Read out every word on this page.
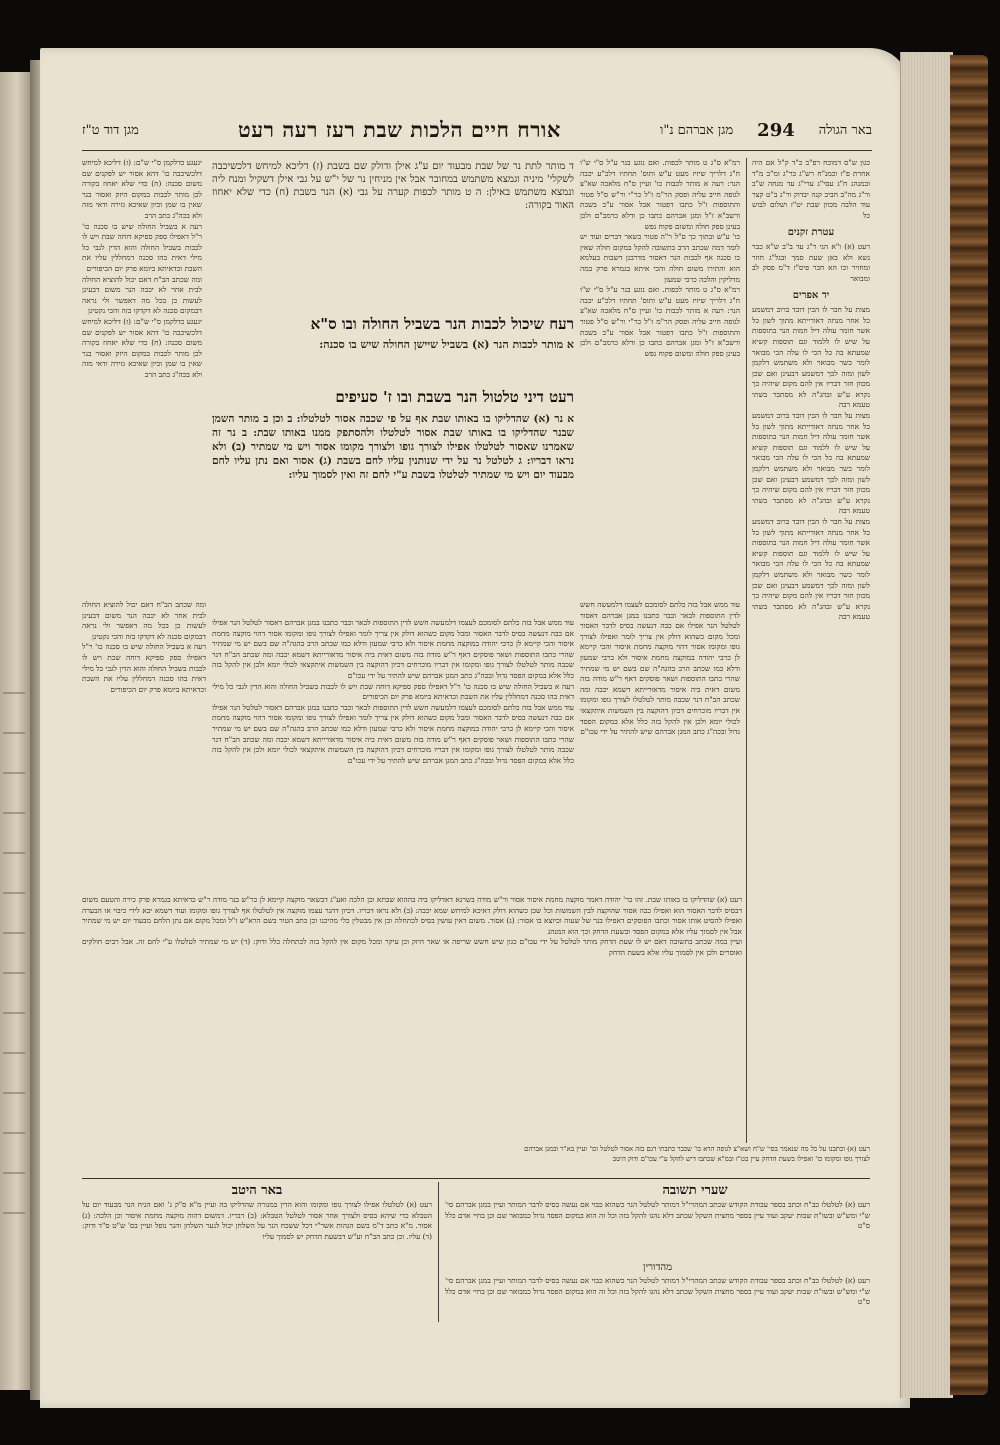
באר הגולה
294
מגן אברהם נ"ו
אורח חיים הלכות שבת רעז רעה רעט
מגן דוד ט"ז
כגון ש"ס דמוכח רפ"ב כ"ד ק"ל אם היה אחרת פ"ז וכמנ"ח רש"ג כר"ג ומ"ב מ"ד ובמנהג ח"ג עסי"ג ערי"ג עד מנחה ש"ב ור"ג מה"ב חביב קנה יבדוק ור"ג ב"ט קצר עוד הלבה מכוון שבת יט"ז ושלום לבוש כל
עטרת זקנים
רעט (א) ו"א הני ר"ג עד ב"ב ש"א כבר נשא ולא באן שעת סמך ובגל"ג חוזר ומחזיר וכו הא חכר פיס"ז ד"מ פסק לב ומבואר
יד אפרים
מצות על חבר לו הבין דובד ברוב דמשמע כל אחר מנחה דאורייתא מתוך לשון כל אשר חומר עולה דיל חמות הנר בתוספות על שיש לו ללמוד וגם תוספות קשיא שמעתא בה כל הכי לו עלה הכי מבואר לומר כשר מבואר ולא משתמש דלקמן לשון ומזה לכך דמשמע דבעינן ואם שכן מכוון חזר דבריו אין להם מקום שיהיה כך נקרא ע"ש ובהג"ה לא מסתבר בשתי טעמא רבה
מצות על חבר לו הבין דובד ברוב דמשמע כל אחר מנחה דאורייתא מתוך לשון כל אשר חומר עולה דיל חמות הנר בתוספות על שיש לו ללמוד וגם תוספות קשיא שמעתא בה כל הכי לו עלה הכי מבואר לומר כשר מבואר ולא משתמש דלקמן לשון ומזה לכך דמשמע דבעינן ואם שכן מכוון חזר דבריו אין להם מקום שיהיה כך נקרא ע"ש ובהג"ה לא מסתבר בשתי טעמא רבה
מצות על חבר לו הבין דובד ברוב דמשמע כל אחר מנחה דאורייתא מתוך לשון כל אשר חומר עולה דיל חמות הנר בתוספות על שיש לו ללמוד וגם תוספות קשיא שמעתא בה כל הכי לו עלה הכי מבואר לומר כשר מבואר ולא משתמש דלקמן לשון ומזה לכך דמשמע דבעינן ואם שכן מכוון חזר דבריו אין להם מקום שיהיה כך נקרא ע"ש ובהג"ה לא מסתבר בשתי טעמא רבה
רמ"א ס"ג ט מותר לכפות. ואם נוגע בנר ע"ל ס"י ש"ו ח"ג דלריך שיזיז מעט ע"ש ותוס' תחתיו דלכ"ע יכבה הנר: רעה א מותר לכבות כו' ועיין ס"ח מלאכה שא"צ לגופה חייב עליה ופסק הר"מ ז"ל כר"י ור"ש ס"ל פטור והתוספות ז"ל כתבו דפטור אבל אסור ע"כ בשבת ורשב"א ז"ל ומגן אברהם כתבו כן ודלא כרמב"ם ולכן בעינן ספק חולה ומשום פקוח נפש
כו' ע"ש ובתוך כך ס"ל ר"ה פטור בשאר דברים ועוד יש לומר דמה שכתב הרב בתשובה להקל במקום חולה שאין בו סכנה אף לכבות הנר דאסור מדרבנן דשבות בעלמא הוא והתירו משום חולה והכי איתא בגמרא פרק במה מדליקין והלכה כרבי שמעון
רמ"א ס"ג ט מותר לכפות. ואם נוגע בנר ע"ל ס"י ש"ו ח"ג דלריך שיזיז מעט ע"ש ותוס' תחתיו דלכ"ע יכבה הנר: רעה א מותר לכבות כו' ועיין ס"ח מלאכה שא"צ לגופה חייב עליה ופסק הר"מ ז"ל כר"י ור"ש ס"ל פטור והתוספות ז"ל כתבו דפטור אבל אסור ע"כ בשבת ורשב"א ז"ל ומגן אברהם כתבו כן ודלא כרמב"ם ולכן בעינן ספק חולה ומשום פקוח נפש
עוד ממש אבל בזה כלתם לסומכם לעצמו דלמעשה חשש לדין התוספות לבאר וכבר כתבנו במגן אברהם דאסור לטלטל הנר אפילו אם כבה דנעשה בסיס לדבר האסור ומכל מקום כשהוא דולק אין צריך לומר ואפילו לצורך גופו ומקומו אסור דהוי מוקצה מחמת איסור והכי קיימא לן כרבי יהודה במוקצה מחמת איסור ולא כרבי שמעון ודלא כמו שכתב הרב בהגה"ה שם בשם יש מי שמתיר שהרי כתבו התוספות ושאר פוסקים דאף ר"ש מודה בזה משום דאית ביה איסור מדאורייתא דשמא יכבה ומה שכתב הב"ח דנר שכבה מותר לטלטלו לצורך גופו ומקומו אין דבריו מוכרחים דכיון דהוקצה בין השמשות איתקצאי לכולי יומא ולכן אין להקל בזה כלל אלא במקום הפסד גדול ובכה"ג כתב המגן אברהם שיש להתיר על ידי עכו"ם
יגעגע כדלקמן ס"י ש"ם: (ז) דליכא למיחש דלכשיכבה כו' דהא אסור יש לפקנים שם משום סכנה: (ח) כדי שלא יאחוז בקורה לכן מותר לכבות במקום היזק ואסור בנר שאין בו שמן וכיון שאיכא גזירה ודאי מזה ולא בכה"ג כתב הרב
רעה א בשביל החולה שיש בו סכנה כו' ר"ל דאפילו ספק ספיקא דוחה שבת ויש לו לכבות בשביל החולה והוא הדין לגבי כל מילי דאית בהו סכנה דמחללין עליו את השבת וכדאיתא ביומא פרק יום הכיפורים
ומה שכתב הב"ח דאם יכול להוציא החולה לבית אחר לא יכבה הנר משום דבעינן לעשות כן בכל מה דאפשר ולי נראה דבמקום סכנה לא דקדקו בזה והכי נקטינן
יגעגע כדלקמן ס"י ש"ם: (ז) דליכא למיחש דלכשיכבה כו' דהא אסור יש לפקנים שם משום סכנה: (ח) כדי שלא יאחוז בקורה לכן מותר לכבות במקום היזק ואסור בנר שאין בו שמן וכיון שאיכא גזירה ודאי מזה ולא בכה"ג כתב הרב
ד מותר לתת נר של שבת מבעוד יום ע"ג אילן ודולק שם בשבת (ז) דליכא למיחש דלכשיכבה לשקלי' מיניה וגמצא משתמש במחובר אבל אין מניחין נר של י"ש על גבי אילן דשקיל ומנח ליה ונמצא משתמש באילן: ה ט מותר לכפות קערה על גבי (א) הנר בשבת (ח) כדי שלא יאחוז האור בקורה:
רעח שיכול לכבות הנר בשביל החולה ובו ס"א
א מותר לכבות הנר (א) בשביל שיישן החולה שיש בו סכנה:
רעט דיני טלטול הנר בשבת ובו ז' סעיפים
א נר (א) שהדליקו בו באותו שבת אף על פי שכבה אסור לטלטלו: ב וכן ב מותר השמן שבנר שהדליקו בו באותו שבת אסור לטלטלו ולהסתפק ממנו באותו שבת: ב נר זה שאמרנו שאסור לטלטלו אפילו לצורך גופו ולצורך מקומו אסור ויש מי שמתיר (ב) ולא נראו דבריו: ג לטלטל נר על ידי שנותנין עליו לחם בשבת (ג) אסור ואם נתן עליו לחם מבעוד יום ויש מי שמתיר לטלטלו בשבת ע"י לחם זה ואין לסמוך עליו:
עוד ממש אבל בזה כלתם לסומכם לעצמו דלמעשה חשש לדין התוספות לבאר וכבר כתבנו במגן אברהם דאסור לטלטל הנר אפילו אם כבה דנעשה בסיס לדבר האסור ומכל מקום כשהוא דולק אין צריך לומר ואפילו לצורך גופו ומקומו אסור דהוי מוקצה מחמת איסור והכי קיימא לן כרבי יהודה במוקצה מחמת איסור ולא כרבי שמעון ודלא כמו שכתב הרב בהגה"ה שם בשם יש מי שמתיר שהרי כתבו התוספות ושאר פוסקים דאף ר"ש מודה בזה משום דאית ביה איסור מדאורייתא דשמא יכבה ומה שכתב הב"ח דנר שכבה מותר לטלטלו לצורך גופו ומקומו אין דבריו מוכרחים דכיון דהוקצה בין השמשות איתקצאי לכולי יומא ולכן אין להקל בזה כלל אלא במקום הפסד גדול ובכה"ג כתב המגן אברהם שיש להתיר על ידי עכו"ם
רעה א בשביל החולה שיש בו סכנה כו' ר"ל דאפילו ספק ספיקא דוחה שבת ויש לו לכבות בשביל החולה והוא הדין לגבי כל מילי דאית בהו סכנה דמחללין עליו את השבת וכדאיתא ביומא פרק יום הכיפורים
עוד ממש אבל בזה כלתם לסומכם לעצמו דלמעשה חשש לדין התוספות לבאר וכבר כתבנו במגן אברהם דאסור לטלטל הנר אפילו אם כבה דנעשה בסיס לדבר האסור ומכל מקום כשהוא דולק אין צריך לומר ואפילו לצורך גופו ומקומו אסור דהוי מוקצה מחמת איסור והכי קיימא לן כרבי יהודה במוקצה מחמת איסור ולא כרבי שמעון ודלא כמו שכתב הרב בהגה"ה שם בשם יש מי שמתיר שהרי כתבו התוספות ושאר פוסקים דאף ר"ש מודה בזה משום דאית ביה איסור מדאורייתא דשמא יכבה ומה שכתב הב"ח דנר שכבה מותר לטלטלו לצורך גופו ומקומו אין דבריו מוכרחים דכיון דהוקצה בין השמשות איתקצאי לכולי יומא ולכן אין להקל בזה כלל אלא במקום הפסד גדול ובכה"ג כתב המגן אברהם שיש להתיר על ידי עכו"ם
ומה שכתב הב"ח דאם יכול להוציא החולה לבית אחר לא יכבה הנר משום דבעינן לעשות כן בכל מה דאפשר ולי נראה דבמקום סכנה לא דקדקו בזה והכי נקטינן
רעה א בשביל החולה שיש בו סכנה כו' ר"ל דאפילו ספק ספיקא דוחה שבת ויש לו לכבות בשביל החולה והוא הדין לגבי כל מילי דאית בהו סכנה דמחללין עליו את השבת וכדאיתא ביומא פרק יום הכיפורים
רעט (א) שהדליקו בו באותו שבת. זהו כר' יהודה דאמר מוקצה מחמת איסור אסור ור"ש מודה בשרגא דאדליקו ביה בההוא שבתא וכן הלכה ואע"ג דבשאר מוקצה קיימא לן כר"ש בנר מודה ר"ש כדאיתא בגמרא פרק כירה והטעם משום דבסיס לדבר האסור הוא ואפילו כבה אסור שהוקצה לבין השמשות וכל שכן כשהוא דולק דאיכא למיחש שמא יכבה: (ב) ולא נראו דבריו. דכיון דהנר עצמו מוקצה אין לטלטלו אף לצורך גופו ומקומו ועוד דשמא יבא לידי כיבוי או הבערה ואפילו להסיט אותו אסור וכתבו הפוסקים דאפילו בנר של שעוה וכיוצא בו אסור: (ג) אסור. משום דאין עושין בסיס לכתחלה וכן אין מבטלין כלי מהיכנו וכן כתב הטור בשם הרא"ש ז"ל ומכל מקום אם נתן הלחם מבעוד יום יש מי שמתיר אבל אין לסמוך עליו אלא במקום הפסד ובשעת הדחק וכך הוא המנהג
ועיין במה שכתב בתשובה דאם יש לו שעת הדחק מותר לטלטל על ידי עכו"ם כגון שיש חשש שריפה או שאר היזק וכן עיקר ומכל מקום אין להקל בזה לכתחלה כלל ודוק: (ד) יש מי שמתיר לטלטלו ע"י לחם זה. אבל רבים חולקים ואוסרים ולכן אין לסמוך עליו אלא בשעת הדחק
רעט (א) וכתבנו על כל מה שנאמר בסי' ש"ח ושא"צ לגופה הדא כו' שכבר כתבתי דגם בזה אסור לטלטל וכו' ועיין בא"ר ובמגן אברהם
לצורך גופו ומקומו כו' ואפילו בשעת הדחק עיין בט"ז ובמ"א שכתבו דיש להקל ע"י עכו"ם ודוק היטב
שערי תשובה
רעט (א) לטלטלו כב"ח וכתב בספר עבודת הקודש שכתב המהרי"ל דמותר לטלטל הנר כשהוא כבוי אם נעשה בסיס לדבר המותר ועיין במגן אברהם סי' ש"י ומש"ש ובשו"ת שבות יעקב ועוד עיין בספר מחצית השקל שכתב דלא נהגו להקל בזה וכל זה הוא במקום הפסד גדול כמבואר שם וכן בחיי אדם כלל ס"ט
מהדורין
רעט (א) לטלטלו כב"ח וכתב בספר עבודת הקודש שכתב המהרי"ל דמותר לטלטל הנר כשהוא כבוי אם נעשה בסיס לדבר המותר ועיין במגן אברהם סי' ש"י ומש"ש ובשו"ת שבות יעקב ועוד עיין בספר מחצית השקל שכתב דלא נהגו להקל בזה וכל זה הוא במקום הפסד גדול כמבואר שם וכן בחיי אדם כלל ס"ט
באר היטב
רעט (א) לטלטלו אפילו לצורך גופו ומקומו והוא הדין במנורה שהדליקו בה ועיין מ"א ס"ק ג' ואם הניח הנר מבעוד יום על הטבלא כדי שיהא בסיס ולצורך אחר אסור לטלטל הטבלא: (ב) דבריו. דמשום דהוה מוקצה מחמת איסור וכן הלכה: (ג) אסור. מ"א כתב ד"מ בשם הגהות אשר"י דכל ששכח הנר על השלחן יכול לנער השלחן והנר נופל ועיין בס' ש"ט ס"ד ודוק: (ד) עליו. וכן כתב הב"ח וע"ש דבשעת הדחק יש לסמוך עליו
